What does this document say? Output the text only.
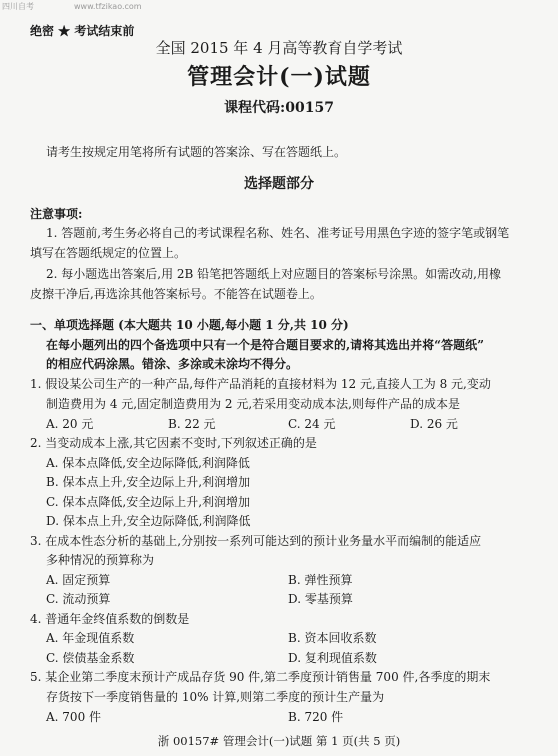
四川自考	www.tfzikao.com
绝密 ★ 考试结束前
全国 2015 年 4 月高等教育自学考试
管理会计(一)试题
课程代码:00157
请考生按规定用笔将所有试题的答案涂、写在答题纸上。
选择题部分
注意事项:
1. 答题前,考生务必将自己的考试课程名称、姓名、准考证号用黑色字迹的签字笔或钢笔
填写在答题纸规定的位置上。
2. 每小题选出答案后,用 2B 铅笔把答题纸上对应题目的答案标号涂黑。如需改动,用橡
皮擦干净后,再选涂其他答案标号。不能答在试题卷上。
一、单项选择题 (本大题共 10 小题,每小题 1 分,共 10 分)
在每小题列出的四个备选项中只有一个是符合题目要求的,请将其选出并将“答题纸”
的相应代码涂黑。错涂、多涂或未涂均不得分。
1. 假设某公司生产的一种产品,每件产品消耗的直接材料为 12 元,直接人工为 8 元,变动
制造费用为 4 元,固定制造费用为 2 元,若采用变动成本法,则每件产品的成本是
A. 20 元	B. 22 元	C. 24 元	D. 26 元
2. 当变动成本上涨,其它因素不变时,下列叙述正确的是
A. 保本点降低,安全边际降低,利润降低
B. 保本点上升,安全边际上升,利润增加
C. 保本点降低,安全边际上升,利润增加
D. 保本点上升,安全边际降低,利润降低
3. 在成本性态分析的基础上,分别按一系列可能达到的预计业务量水平而编制的能适应
多种情况的预算称为
A. 固定预算	B. 弹性预算
C. 流动预算	D. 零基预算
4. 普通年金终值系数的倒数是
A. 年金现值系数	B. 资本回收系数
C. 偿债基金系数	D. 复利现值系数
5. 某企业第二季度末预计产成品存货 90 件,第二季度预计销售量 700 件,各季度的期末
存货按下一季度销售量的 10% 计算,则第二季度的预计生产量为
A. 700 件	B. 720 件
浙 00157# 管理会计(一)试题 第 1 页(共 5 页)
